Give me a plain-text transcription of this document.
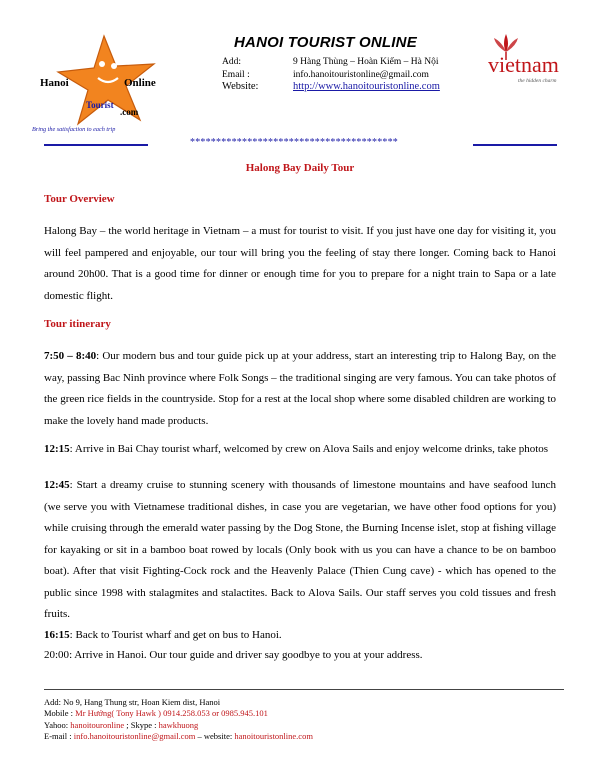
Hanoi	Online
Tourist
.com
Bring the satisfaction to each trip
HANOI TOURIST ONLINE
Add:	9 Hàng Thùng – Hoàn Kiếm – Hà Nội
Email :	info.hanoitouristonline@gmail.com
Website:	http://www.hanoitouristonline.com
vietnam
the hidden charm
****************************************
Halong Bay Daily Tour
Tour Overview

Halong Bay – the world heritage in Vietnam – a must for tourist to visit. If you just have one day for visiting it, you will feel pampered and enjoyable, our tour will bring you the feeling of stay there longer. Coming back to Hanoi around 20h00. That is a good time for dinner or enough time for you to prepare for a night train to Sapa or a late domestic flight.

Tour itinerary

7:50 – 8:40: Our modern bus and tour guide pick up at your address, start an interesting trip to Halong Bay, on the way, passing Bac Ninh province where Folk Songs – the traditional singing are very famous. You can take photos of the green rice fields in the countryside. Stop for a rest at the local shop where some disabled children are working to make the lovely hand made products.

12:15: Arrive in Bai Chay tourist wharf, welcomed by crew on Alova Sails and enjoy welcome drinks, take photos

12:45: Start a dreamy cruise to stunning scenery with thousands of limestone mountains and have seafood lunch (we serve you with Vietnamese traditional dishes, in case you are vegetarian, we have other food options for you) while cruising through the emerald water passing by the Dog Stone, the Burning Incense islet, stop at fishing village for kayaking or sit in a bamboo boat rowed by locals (Only book with us you can have a chance to be on bamboo boat). After that visit Fighting-Cock rock and the Heavenly Palace (Thien Cung cave) - which has opened to the public since 1998 with stalagmites and stalactites. Back to Alova Sails. Our staff serves you cold tissues and fresh fruits.

16:15: Back to Tourist wharf and get on bus to Hanoi.

20:00: Arrive in Hanoi. Our tour guide and driver say goodbye to you at your address.

Add: No 9, Hang Thung str, Hoan Kiem dist, Hanoi
Mobile : Mr Hướng( Tony Hawk ) 0914.258.053 or 0985.945.101
Yahoo: hanoitouronline ; Skype : hawkhuong
E-mail : info.hanoitouristonline@gmail.com – website: hanoitouristonline.com
